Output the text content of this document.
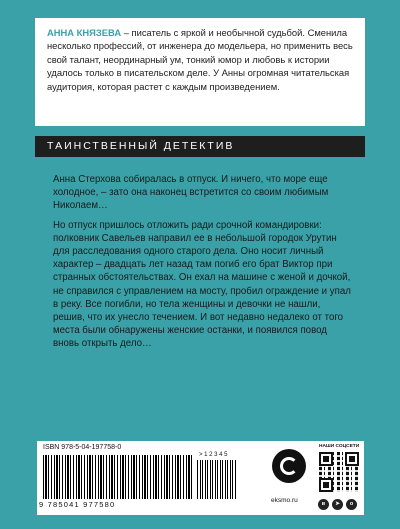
АННА КНЯЗЕВА – писатель с яркой и необычной судьбой. Сменила несколько профессий, от инженера до модельера, но применить весь свой талант, неординарный ум, тонкий юмор и любовь к истории удалось только в писательском деле. У Анны огромная читательская аудитория, которая растет с каждым произведением.

ТАИНСТВЕННЫЙ ДЕТЕКТИВ

Анна Стерхова собиралась в отпуск. И ничего, что море еще холодное, – зато она наконец встретится со своим любимым Николаем…

Но отпуск пришлось отложить ради срочной командировки: полковник Савельев направил ее в небольшой городок Урутин для расследования одного старого дела. Оно носит личный характер – двадцать лет назад там погиб его брат Виктор при странных обстоятельствах. Он ехал на машине с женой и дочкой, не справился с управлением на мосту, пробил ограждение и упал в реку. Все погибли, но тела женщины и девочки не нашли, решив, что их унесло течением. И вот недавно недалеко от того места были обнаружены женские останки, и появился повод вновь открыть дело…

ISBN 978-5-04-197758-0
9 785041 977580
> 1 2 3 4 5
eksmo.ru
НАШИ СОЦСЕТИ
в	➤	о
